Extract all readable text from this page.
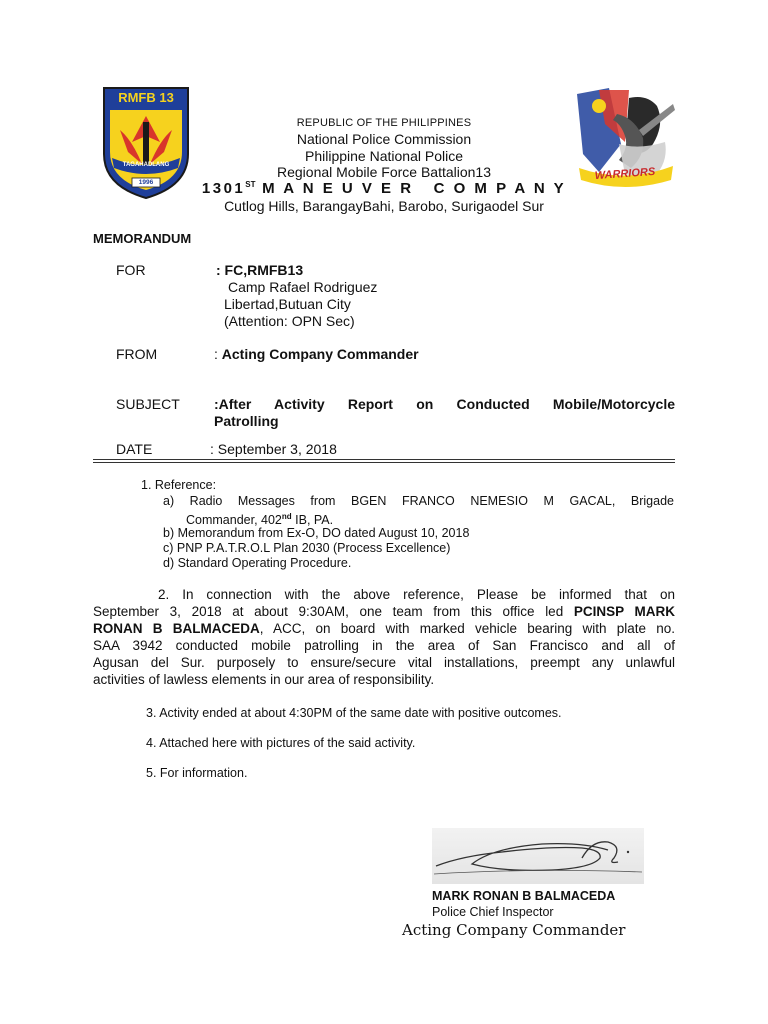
RMFB 13
TAGAHADLANG
1996
WARRIORS
REPUBLIC OF THE PHILIPPINES
National Police Commission
Philippine National Police
Regional Mobile Force Battalion13
1301ST M A N E U V E R   C O M P A N Y
Cutlog Hills, BarangayBahi, Barobo, Surigaodel Sur
MEMORANDUM
FOR	: FC,RMFB13
Camp Rafael Rodriguez
Libertad,Butuan City
(Attention: OPN Sec)
FROM	: Acting Company Commander
SUBJECT :After Activity Report on Conducted Mobile/Motorcycle
Patrolling
DATE	: September 3, 2018
1. Reference:
a) Radio Messages from BGEN FRANCO NEMESIO M GACAL, Brigade
Commander, 402nd IB, PA.
b) Memorandum from Ex-O, DO dated August 10, 2018
c) PNP P.A.T.R.O.L Plan 2030 (Process Excellence)
d) Standard Operating Procedure.
2. In connection with the above reference, Please be informed that on
September 3, 2018 at about 9:30AM, one team from this office led PCINSP MARK
RONAN B BALMACEDA, ACC, on board with marked vehicle bearing with plate no.
SAA 3942 conducted mobile patrolling in the area of San Francisco and all of
Agusan del Sur. purposely to ensure/secure vital installations, preempt any unlawful
activities of lawless elements in our area of responsibility.
3. Activity ended at about 4:30PM of the same date with positive outcomes.
4. Attached here with pictures of the said activity.
5. For information.
MARK RONAN B BALMACEDA
Police Chief Inspector
Acting Company Commander
